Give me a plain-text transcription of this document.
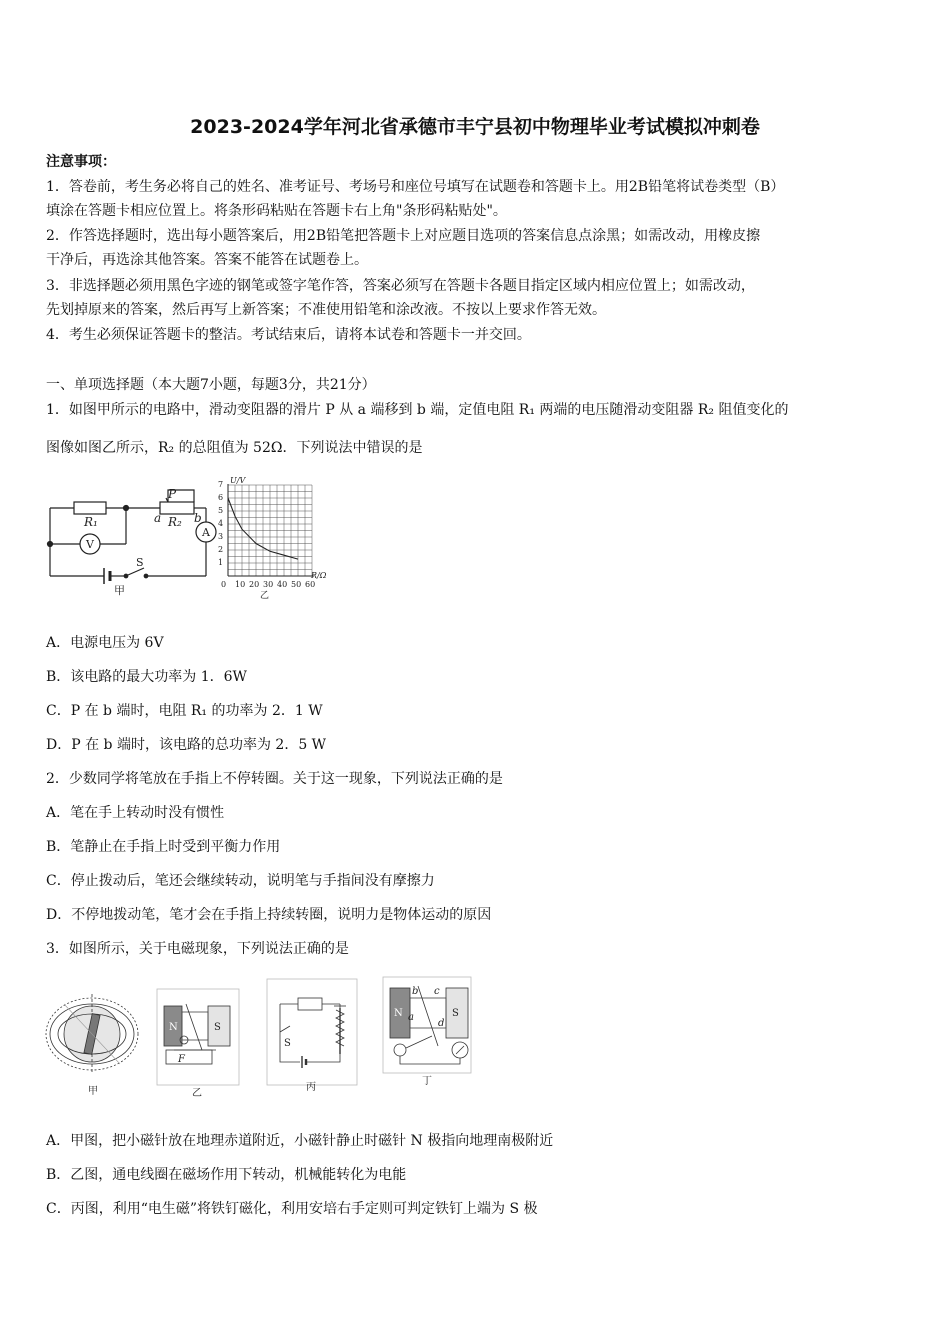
2023-2024学年河北省承德市丰宁县初中物理毕业考试模拟冲刺卷
注意事项：
1．答卷前，考生务必将自己的姓名、准考证号、考场号和座位号填写在试题卷和答题卡上。用2B铅笔将试卷类型（B）
填涂在答题卡相应位置上。将条形码粘贴在答题卡右上角"条形码粘贴处"。
2．作答选择题时，选出每小题答案后，用2B铅笔把答题卡上对应题目选项的答案信息点涂黑；如需改动，用橡皮擦
干净后，再选涂其他答案。答案不能答在试题卷上。
3．非选择题必须用黑色字迹的钢笔或签字笔作答，答案必须写在答题卡各题目指定区域内相应位置上；如需改动，
先划掉原来的答案，然后再写上新答案；不准使用铅笔和涂改液。不按以上要求作答无效。
4．考生必须保证答题卡的整洁。考试结束后，请将本试卷和答题卡一并交回。
一、单项选择题（本大题7小题，每题3分，共21分）
1．如图甲所示的电路中，滑动变阻器的滑片 P 从 a 端移到 b 端，定值电阻 R₁ 两端的电压随滑动变阻器 R₂ 阻值变化的
图像如图乙所示，R₂ 的总阻值为 52Ω．下列说法中错误的是
R₁	R₂
P
a	b
V
A
S
甲
U/V
R/Ω
1
2
3
4
5
6
7
0 10 20 30 40 50 60
乙
A．电源电压为 6V
B．该电路的最大功率为 1．6W
C．P 在 b 端时，电阻 R₁ 的功率为 2．1 W
D．P 在 b 端时，该电路的总功率为 2．5 W
2．少数同学将笔放在手指上不停转圈。关于这一现象，下列说法正确的是
A．笔在手上转动时没有惯性
B．笔静止在手指上时受到平衡力作用
C．停止拨动后，笔还会继续转动，说明笔与手指间没有摩擦力
D．不停地拨动笔，笔才会在手指上持续转圈，说明力是物体运动的原因
3．如图所示，关于电磁现象，下列说法正确的是
甲
N	S
F
乙
S
丙
N	S
b c
a
d
丁
A．甲图，把小磁针放在地理赤道附近，小磁针静止时磁针 N 极指向地理南极附近
B．乙图，通电线圈在磁场作用下转动，机械能转化为电能
C．丙图，利用“电生磁”将铁钉磁化，利用安培右手定则可判定铁钉上端为 S 极
